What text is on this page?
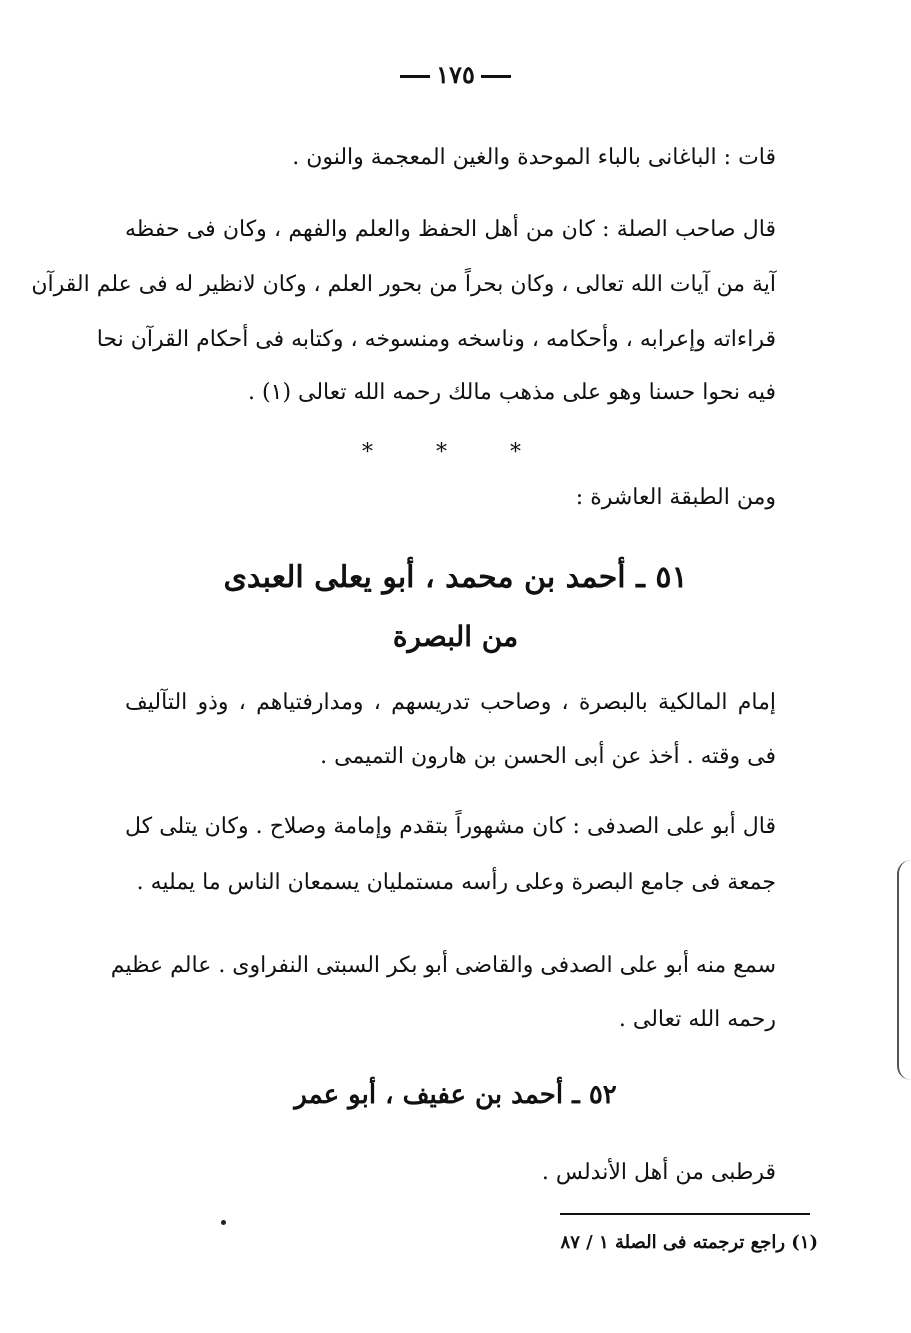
١٧٥
قات : الباغانى بالباء الموحدة والغين المعجمة والنون .
قال صاحب الصلة : كان من أهل الحفظ والعلم والفهم ، وكان فى حفظه
آية من آيات الله تعالى ، وكان بحراً من بحور العلم ، وكان لانظير له فى علم القرآن
قراءاته وإعرابه ، وأحكامه ، وناسخه ومنسوخه ، وكتابه فى أحكام القرآن نحا
فيه نحوا حسنا وهو على مذهب مالك رحمه الله تعالى (١) .
* * *
ومن الطبقة العاشرة :
٥١ ـ أحمد بن محمد ، أبو يعلى العبدى
من البصرة
إمام المالكية بالبصرة ، وصاحب تدريسهم ، ومدارفتياهم ، وذو التآليف
فى وقته . أخذ عن أبى الحسن بن هارون التميمى .
قال أبو على الصدفى : كان مشهوراً بتقدم وإمامة وصلاح . وكان يتلى كل
جمعة فى جامع البصرة وعلى رأسه مستمليان يسمعان الناس ما يمليه .
سمع منه أبو على الصدفى والقاضى أبو بكر السبتى النفراوى . عالم عظيم
رحمه الله تعالى .
٥٢ ـ أحمد بن عفيف ، أبو عمر
قرطبى من أهل الأندلس .
(١) راجع ترجمته فى الصلة ١ / ٨٧
